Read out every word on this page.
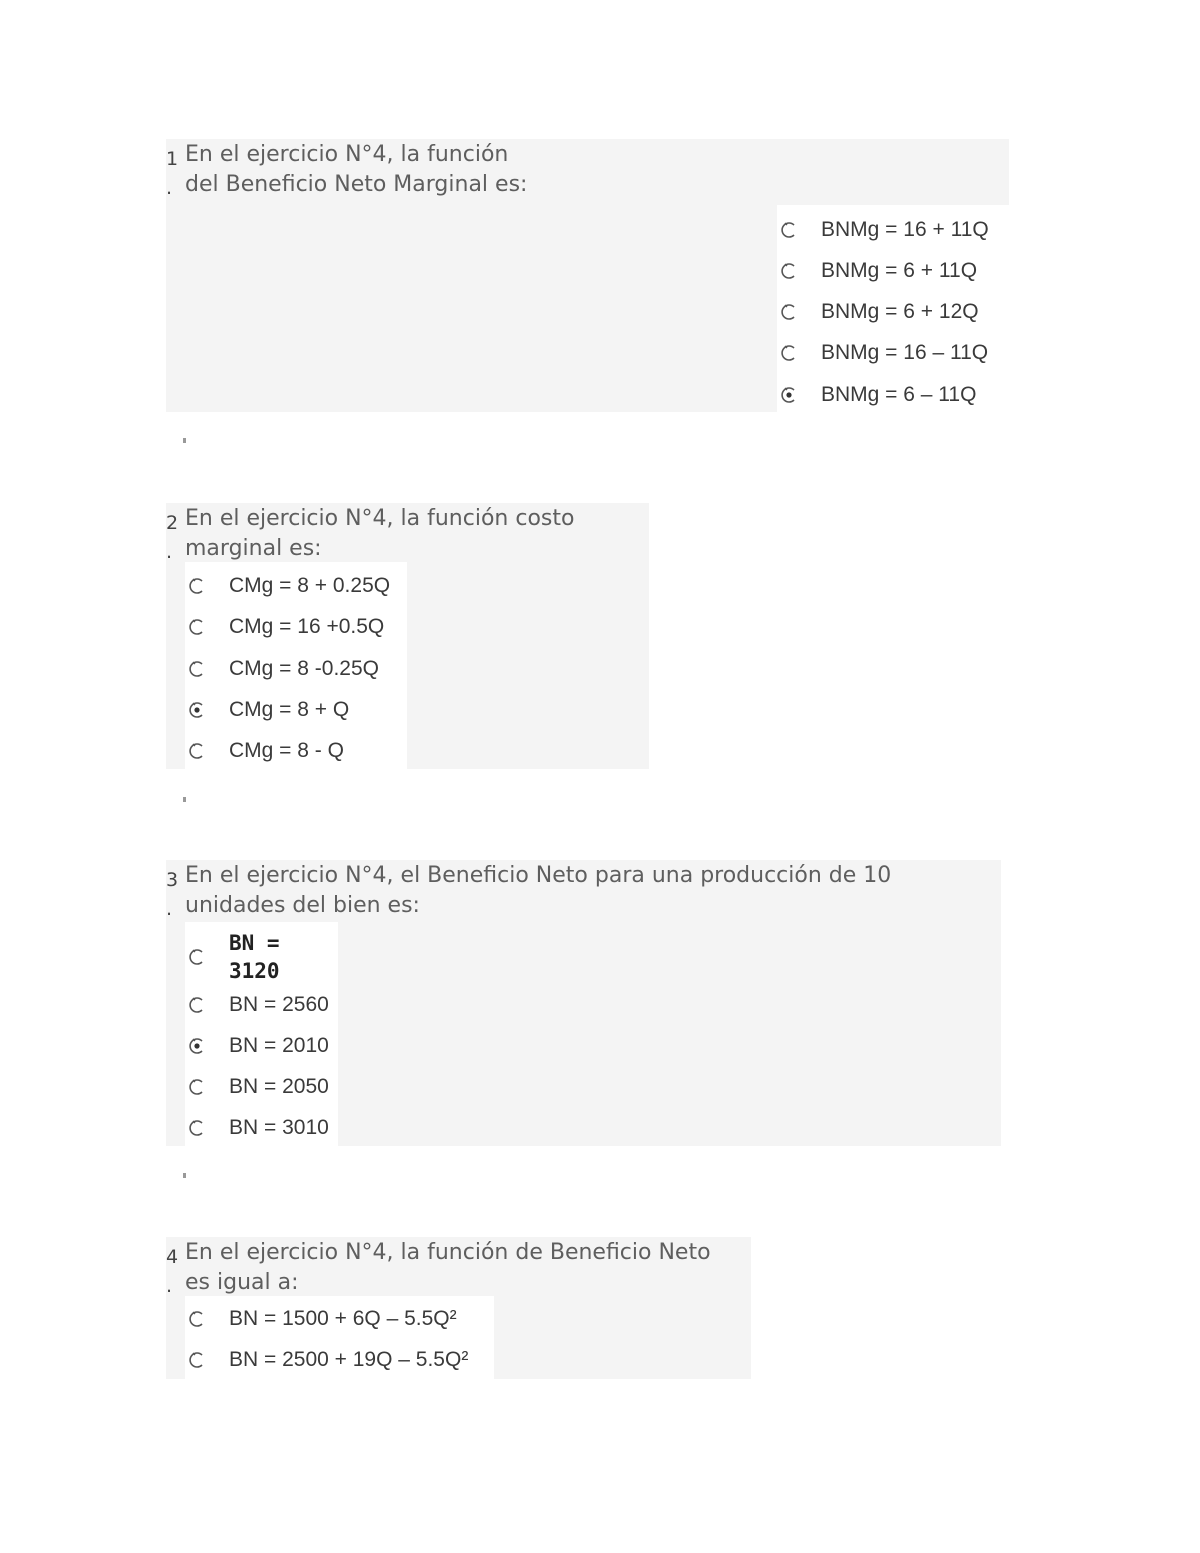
1
.
En el ejercicio N°4, la función
del Beneficio Neto Marginal es:
BNMg = 16 + 11Q
BNMg = 6 + 11Q
BNMg = 6 + 12Q
BNMg = 16 – 11Q
BNMg = 6 – 11Q
2
.
En el ejercicio N°4, la función costo
marginal es:
CMg = 8 + 0.25Q
CMg = 16 +0.5Q
CMg = 8 -0.25Q
CMg = 8 + Q
CMg = 8 - Q
3
.
En el ejercicio N°4, el Beneficio Neto para una producción de 10
unidades del bien es:
BN = 3120
BN = 2560
BN = 2010
BN = 2050
BN = 3010
4
.
En el ejercicio N°4, la función de Beneficio Neto
es igual a:
BN = 1500 + 6Q – 5.5Q²
BN = 2500 + 19Q – 5.5Q²
